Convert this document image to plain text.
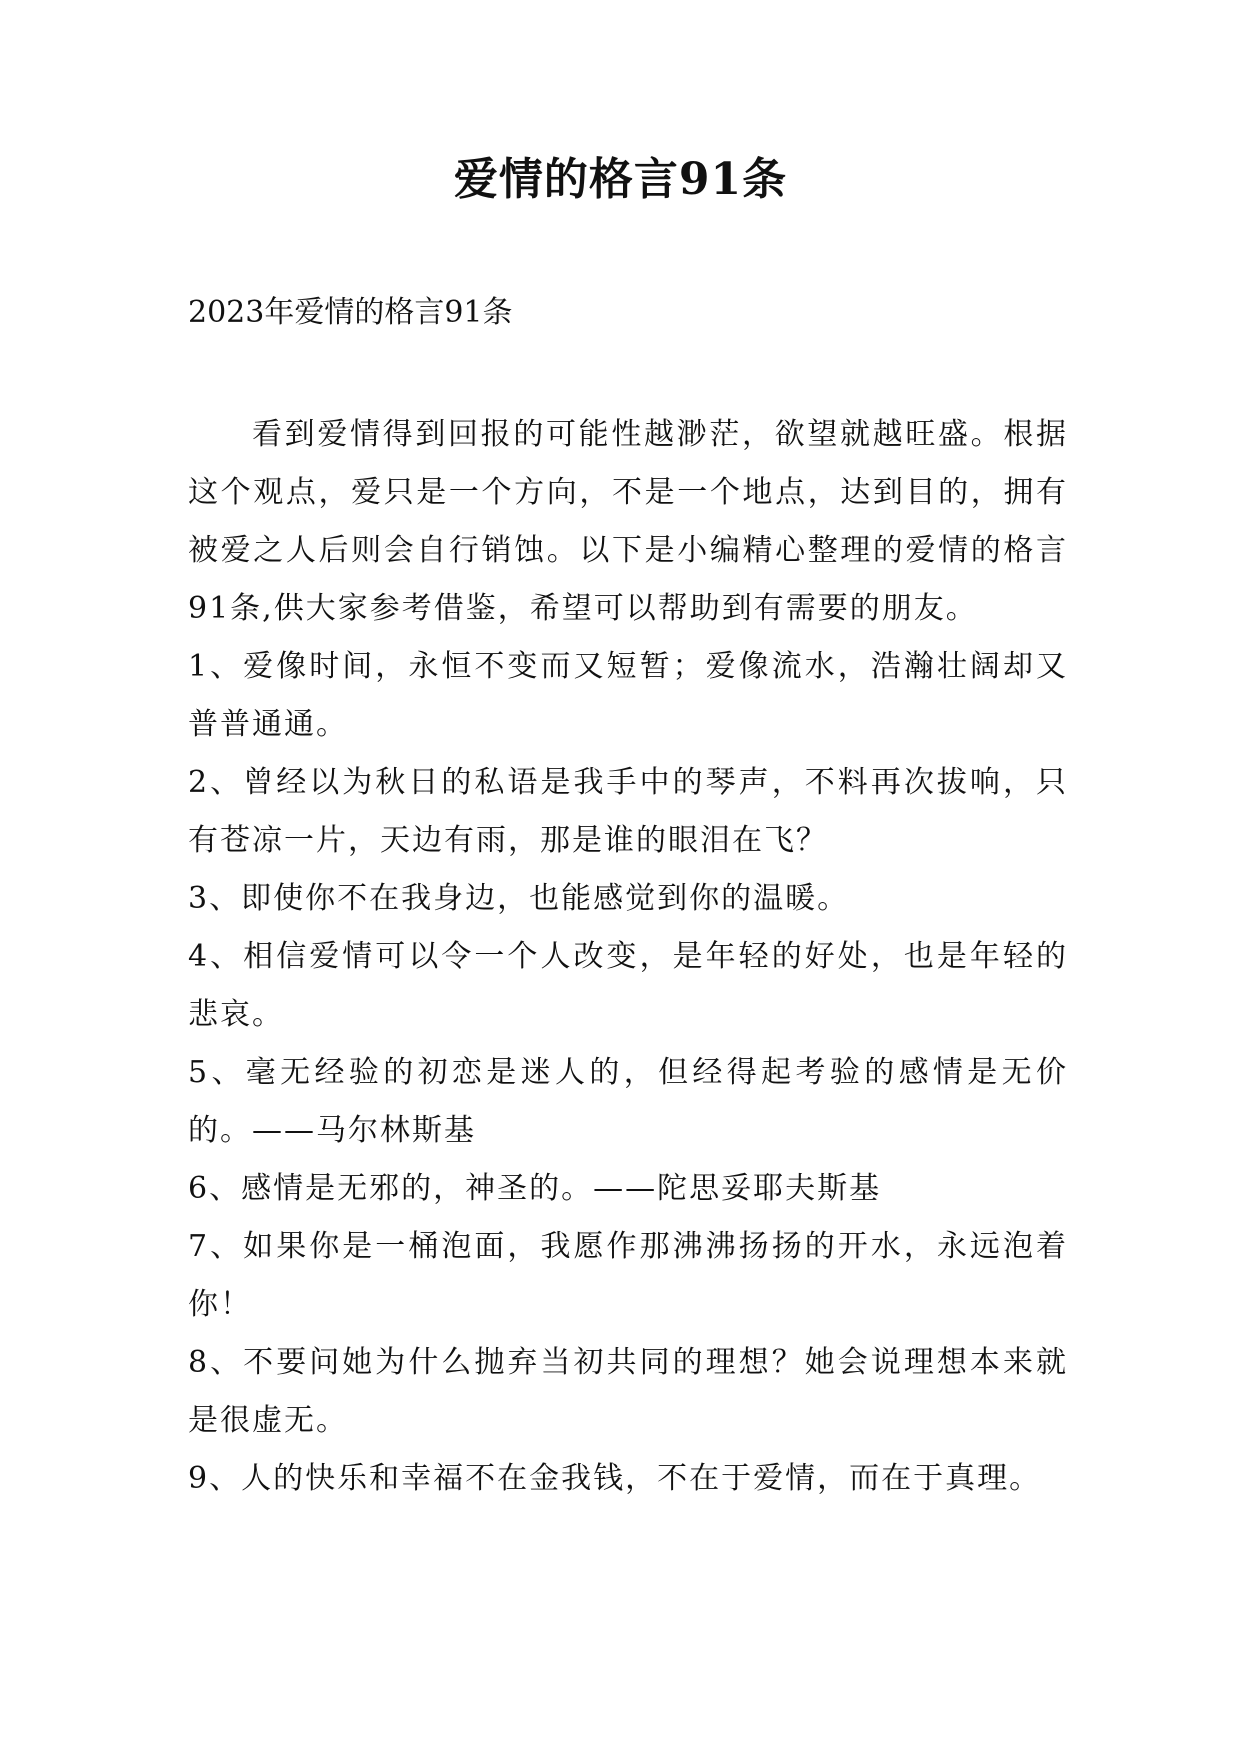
爱情的格言91条

2023年爱情的格言91条

看到爱情得到回报的可能性越渺茫，欲望就越旺盛。根据这个观点，爱只是一个方向，不是一个地点，达到目的，拥有被爱之人后则会自行销蚀。以下是小编精心整理的爱情的格言91条,供大家参考借鉴，希望可以帮助到有需要的朋友。

1、爱像时间，永恒不变而又短暂；爱像流水，浩瀚壮阔却又普普通通。

2、曾经以为秋日的私语是我手中的琴声，不料再次拔响，只有苍凉一片，天边有雨，那是谁的眼泪在飞？

3、即使你不在我身边，也能感觉到你的温暖。

4、相信爱情可以令一个人改变，是年轻的好处，也是年轻的悲哀。

5、毫无经验的初恋是迷人的，但经得起考验的感情是无价的。——马尔林斯基

6、感情是无邪的，神圣的。——陀思妥耶夫斯基

7、如果你是一桶泡面，我愿作那沸沸扬扬的开水，永远泡着你！

8、不要问她为什么抛弃当初共同的理想？她会说理想本来就是很虚无。

9、人的快乐和幸福不在金我钱，不在于爱情，而在于真理。
